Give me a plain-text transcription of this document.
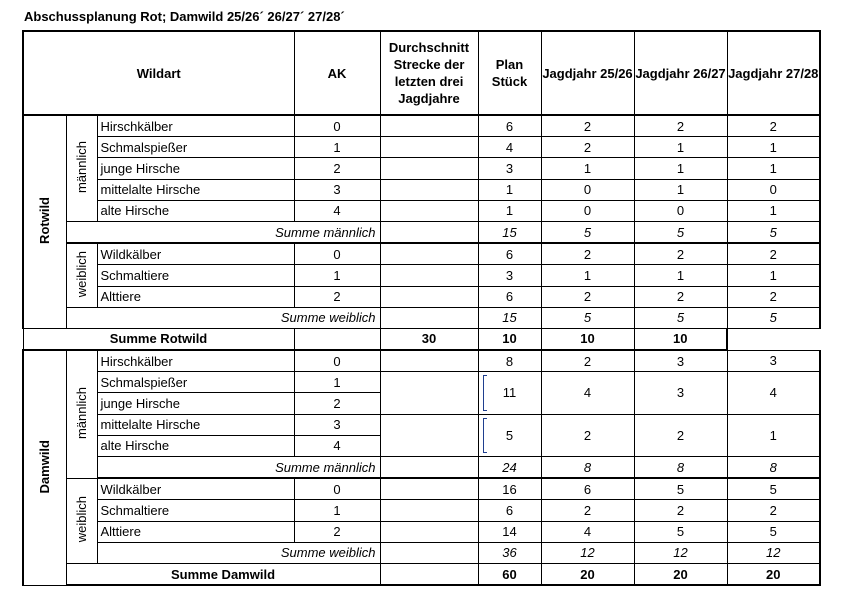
Abschussplanung Rot; Damwild 25/26´ 26/27´ 27/28´
Wildart			AK	Durchschnitt Strecke der letzten drei Jagdjahre	Plan Stück	Jagdjahr 25/26	Jagdjahr 26/27	Jagdjahr 27/28
Rotwild	männlich	Hirschkälber	0		6	2	2	2
		Schmalspießer	1		4	2	1	1
		junge Hirsche	2		3	1	1	1
		mittelalte Hirsche	3		1	0	1	0
		alte Hirsche	4		1	0	0	1
	Summe männlich				15	5	5	5
	weiblich	Wildkälber	0		6	2	2	2
		Schmaltiere	1		3	1	1	1
		Alttiere	2		6	2	2	2
	Summe weiblich				15	5	5	5
Summe Rotwild				30	10	10	10	
Damwild	männlich	Hirschkälber	0		8	2	3	3
		Schmalspießer	1		11	4	3	4
		junge Hirsche	2					
		mittelalte Hirsche	3		5	2	2	1
		alte Hirsche	4					
		Summe männlich			24	8	8	8
	weiblich	Wildkälber	0		16	6	5	5
		Schmaltiere	1		6	2	2	2
		Alttiere	2		14	4	5	5
		Summe weiblich			36	12	12	12
	Summe Damwild				60	20	20	20
